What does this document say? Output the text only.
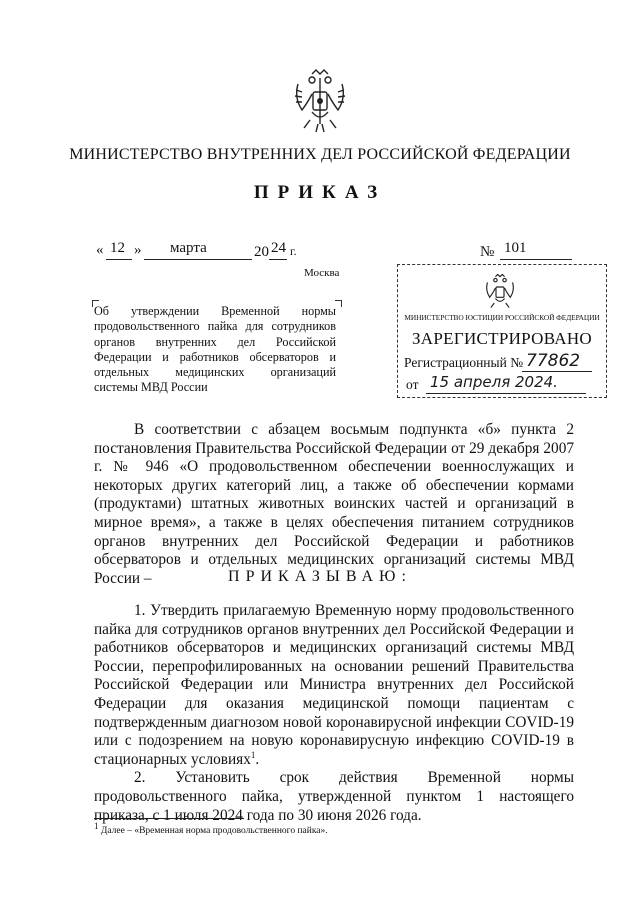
МИНИСТЕРСТВО ВНУТРЕННИХ ДЕЛ РОССИЙСКОЙ ФЕДЕРАЦИИ
ПРИКАЗ
« 12 » марта	20 24 г.	№ 101
Москва
Об утверждении Временной нормы продовольственного пайка для сотрудников органов внутренних дел Российской Федерации и работников обсерваторов и отдельных медицинских организаций системы МВД России
МИНИСТЕРСТВО ЮСТИЦИИ РОССИЙСКОЙ ФЕДЕРАЦИИ
ЗАРЕГИСТРИРОВАНО
Регистрационный № 77862
от 15 апреля 2024.

В соответствии с абзацем восьмым подпункта «б» пункта 2 постановления Правительства Российской Федерации от 29 декабря 2007 г. № 946 «О продовольственном обеспечении военнослужащих и некоторых других категорий лиц, а также об обеспечении кормами (продуктами) штатных животных воинских частей и организаций в мирное время», а также в целях обеспечения питанием сотрудников органов внутренних дел Российской Федерации и работников обсерваторов и отдельных медицинских организаций системы МВД России –	ПРИКАЗЫВАЮ:

1. Утвердить прилагаемую Временную норму продовольственного пайка для сотрудников органов внутренних дел Российской Федерации и работников обсерваторов и медицинских организаций системы МВД России, перепрофилированных на основании решений Правительства Российской Федерации или Министра внутренних дел Российской Федерации для оказания медицинской помощи пациентам с подтвержденным диагнозом новой коронавирусной инфекции COVID-19 или с подозрением на новую коронавирусную инфекцию COVID-19 в стационарных условиях$^1$.

2. Установить срок действия Временной нормы продовольственного пайка, утвержденной пунктом 1 настоящего приказа, с 1 июля 2024 года по 30 июня 2026 года.

$^1$ Далее – «Временная норма продовольственного пайка».
